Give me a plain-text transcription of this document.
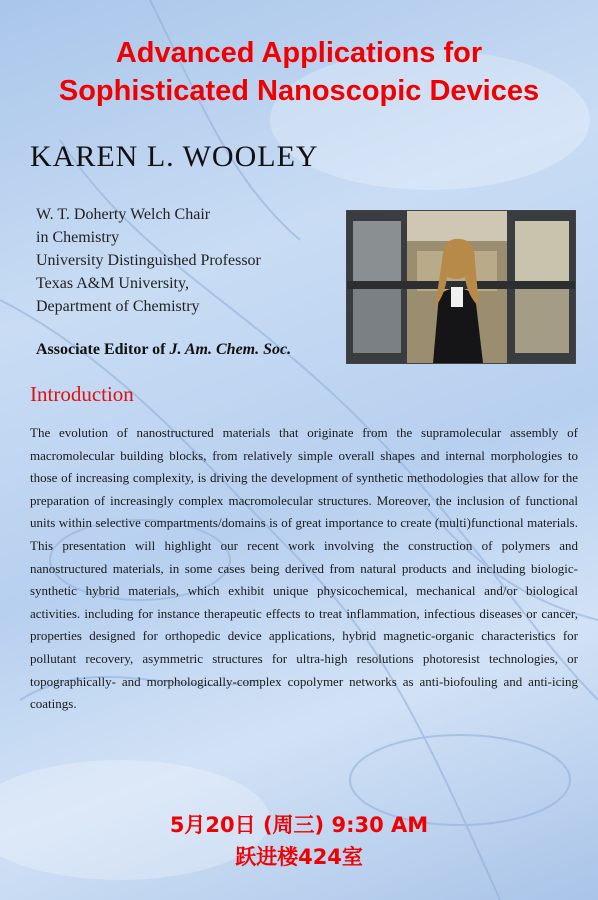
Advanced Applications for
Sophisticated Nanoscopic Devices
KAREN L. WOOLEY
W. T. Doherty Welch Chair
in Chemistry
University Distinguished Professor
Texas A&M University,
Department of Chemistry
Associate Editor of J. Am. Chem. Soc.
Introduction

The evolution of nanostructured materials that originate from the supramolecular assembly of macromolecular building blocks, from relatively simple overall shapes and internal morphologies to those of increasing complexity, is driving the development of synthetic methodologies that allow for the preparation of increasingly complex macromolecular structures. Moreover, the inclusion of functional units within selective compartments/domains is of great importance to create (multi)functional materials. This presentation will highlight our recent work involving the construction of polymers and nanostructured materials, in some cases being derived from natural products and including biologic-synthetic hybrid materials, which exhibit unique physicochemical, mechanical and/or biological activities. including for instance therapeutic effects to treat inflammation, infectious diseases or cancer, properties designed for orthopedic device applications, hybrid magnetic-organic characteristics for pollutant recovery, asymmetric structures for ultra-high resolutions photoresist technologies, or topographically- and morphologically-complex copolymer networks as anti-biofouling and anti-icing coatings.

5月20日 (周三) 9:30 AM
跃进楼424室
